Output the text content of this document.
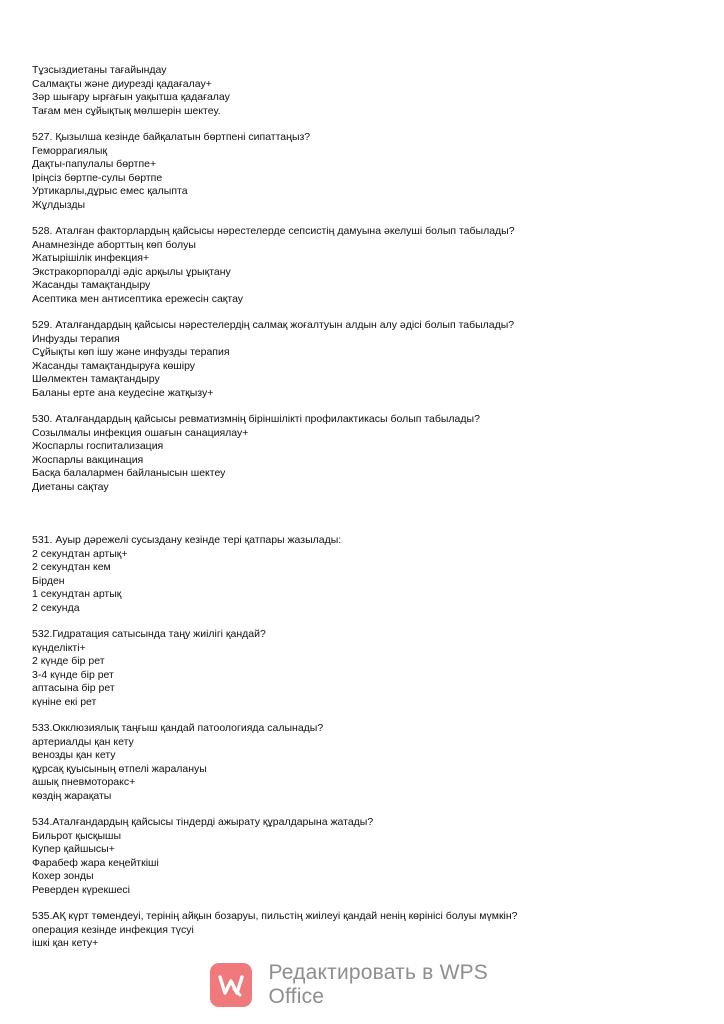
Тұзсыздиетаны тағайындау
Салмақты және диурезді қадағалау+
Зәр шығару ырғағын уақытша қадағалау
Тағам мен сұйықтық мөлшерін шектеу.
527. Қызылша кезінде байқалатын бөртпені сипаттаңыз?
Геморрагиялық
Дақты-папулалы бөртпе+
Іріңсіз бөртпе-сулы бөртпе
Уртикарлы,дұрыс емес қалыпта
Жұлдызды
528. Аталған факторлардың қайсысы нәрестелерде сепсистің дамуына әкелуші болып табылады?
Анамнезінде аборттың көп болуы
Жатырішілік инфекция+
Экстракорпоралді әдіс арқылы ұрықтану
Жасанды тамақтандыру
Асептика мен антисептика ережесін сақтау
529. Аталғандардың қайсысы нәрестелердің салмақ жоғалтуын алдын алу әдісі болып табылады?
Инфузды терапия
Сұйықты көп ішу және инфузды терапия
Жасанды тамақтандыруға көшіру
Шөлмектен тамақтандыру
Баланы ерте ана кеудесіне жатқызу+
530. Аталғандардың қайсысы ревматизмнің біріншілікті профилактикасы болып табылады?
Созылмалы инфекция ошағын санациялау+
Жоспарлы госпитализация
Жоспарлы вакцинация
Басқа балалармен байланысын шектеу
Диетаны сақтау
531. Ауыр дәрежелі сусыздану кезінде тері қатпары жазылады:
2 секундтан артық+
2 секундтан кем
Бірден
1 секундтан артық
2 секунда
532.Гидратация сатысында таңу жиілігі қандай?
күнделікті+
2 күнде бір рет
3-4 күнде бір рет
аптасына бір рет
күніне екі рет
533.Окклюзиялық таңғыш қандай патоологияда салынады?
артериалды қан кету
венозды қан кету
құрсақ қуысының өтпелі жаралануы
ашық пневмоторакс+
көздің жарақаты
534.Аталғандардың қайсысы тіндерді ажырату құралдарына жатады?
Бильрот қысқышы
Купер қайшысы+
Фарабеф жара кеңейткіші
Кохер зонды
Реверден күрекшесі
535.АҚ күрт төмендеуі, терінің айқын бозаруы, пильстің жиілеуі қандай ненің көрінісі болуы мүмкін?
операция кезінде инфекция түсуі
ішкі қан кету+
Редактировать в WPS Office
